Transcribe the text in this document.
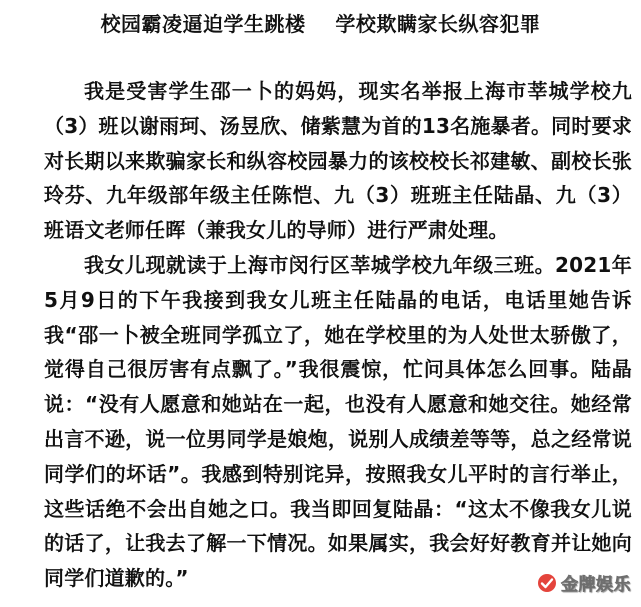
校园霸凌逼迫学生跳楼    学校欺瞒家长纵容犯罪

我是受害学生邵一卜的妈妈，现实名举报上海市莘城学校九（3）班以谢雨珂、汤昱欣、储紫慧为首的13名施暴者。同时要求对长期以来欺骗家长和纵容校园暴力的该校校长祁建敏、副校长张玲芬、九年级部年级主任陈恺、九（3）班班主任陆晶、九（3）班语文老师任晖（兼我女儿的导师）进行严肃处理。

我女儿现就读于上海市闵行区莘城学校九年级三班。2021年5月9日的下午我接到我女儿班主任陆晶的电话，电话里她告诉我“邵一卜被全班同学孤立了，她在学校里的为人处世太骄傲了，觉得自己很厉害有点飘了。”我很震惊，忙问具体怎么回事。陆晶说：“没有人愿意和她站在一起，也没有人愿意和她交往。她经常出言不逊，说一位男同学是娘炮，说别人成绩差等等，总之经常说同学们的坏话”。我感到特别诧异，按照我女儿平时的言行举止，这些话绝不会出自她之口。我当即回复陆晶：“这太不像我女儿说的话了，让我去了解一下情况。如果属实，我会好好教育并让她向同学们道歉的。”	金牌娱乐
